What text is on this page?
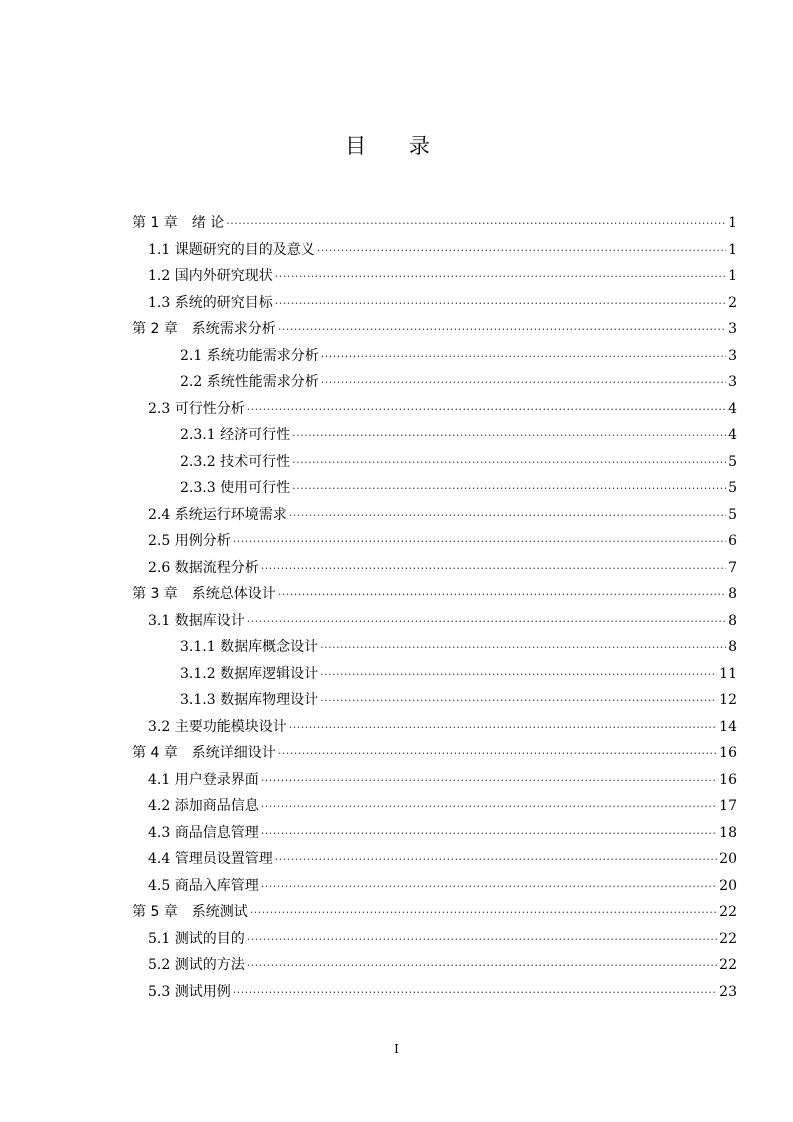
目 录
第 1 章　绪 论 ·····	1
1.1 课题研究的目的及意义 ·····	1
1.2 国内外研究现状 ·····	1
1.3 系统的研究目标 ·····	2
第 2 章　系统需求分析 ·····	3
2.1 系统功能需求分析 ·····	3
2.2 系统性能需求分析 ·····	3
2.3 可行性分析 ·····	4
2.3.1 经济可行性 ·····	4
2.3.2 技术可行性 ·····	5
2.3.3 使用可行性 ·····	5
2.4 系统运行环境需求 ·····	5
2.5 用例分析 ·····	6
2.6 数据流程分析 ·····	7
第 3 章　系统总体设计 ·····	8
3.1 数据库设计 ·····	8
3.1.1 数据库概念设计 ·····	8
3.1.2 数据库逻辑设计 ·····	11
3.1.3 数据库物理设计 ·····	12
3.2 主要功能模块设计 ·····	14
第 4 章　系统详细设计 ·····	16
4.1 用户登录界面 ·····	16
4.2 添加商品信息 ·····	17
4.3 商品信息管理 ·····	18
4.4 管理员设置管理 ·····	20
4.5 商品入库管理 ·····	20
第 5 章　系统测试 ·····	22
5.1 测试的目的 ·····	22
5.2 测试的方法 ·····	22
5.3 测试用例 ·····	23
I
